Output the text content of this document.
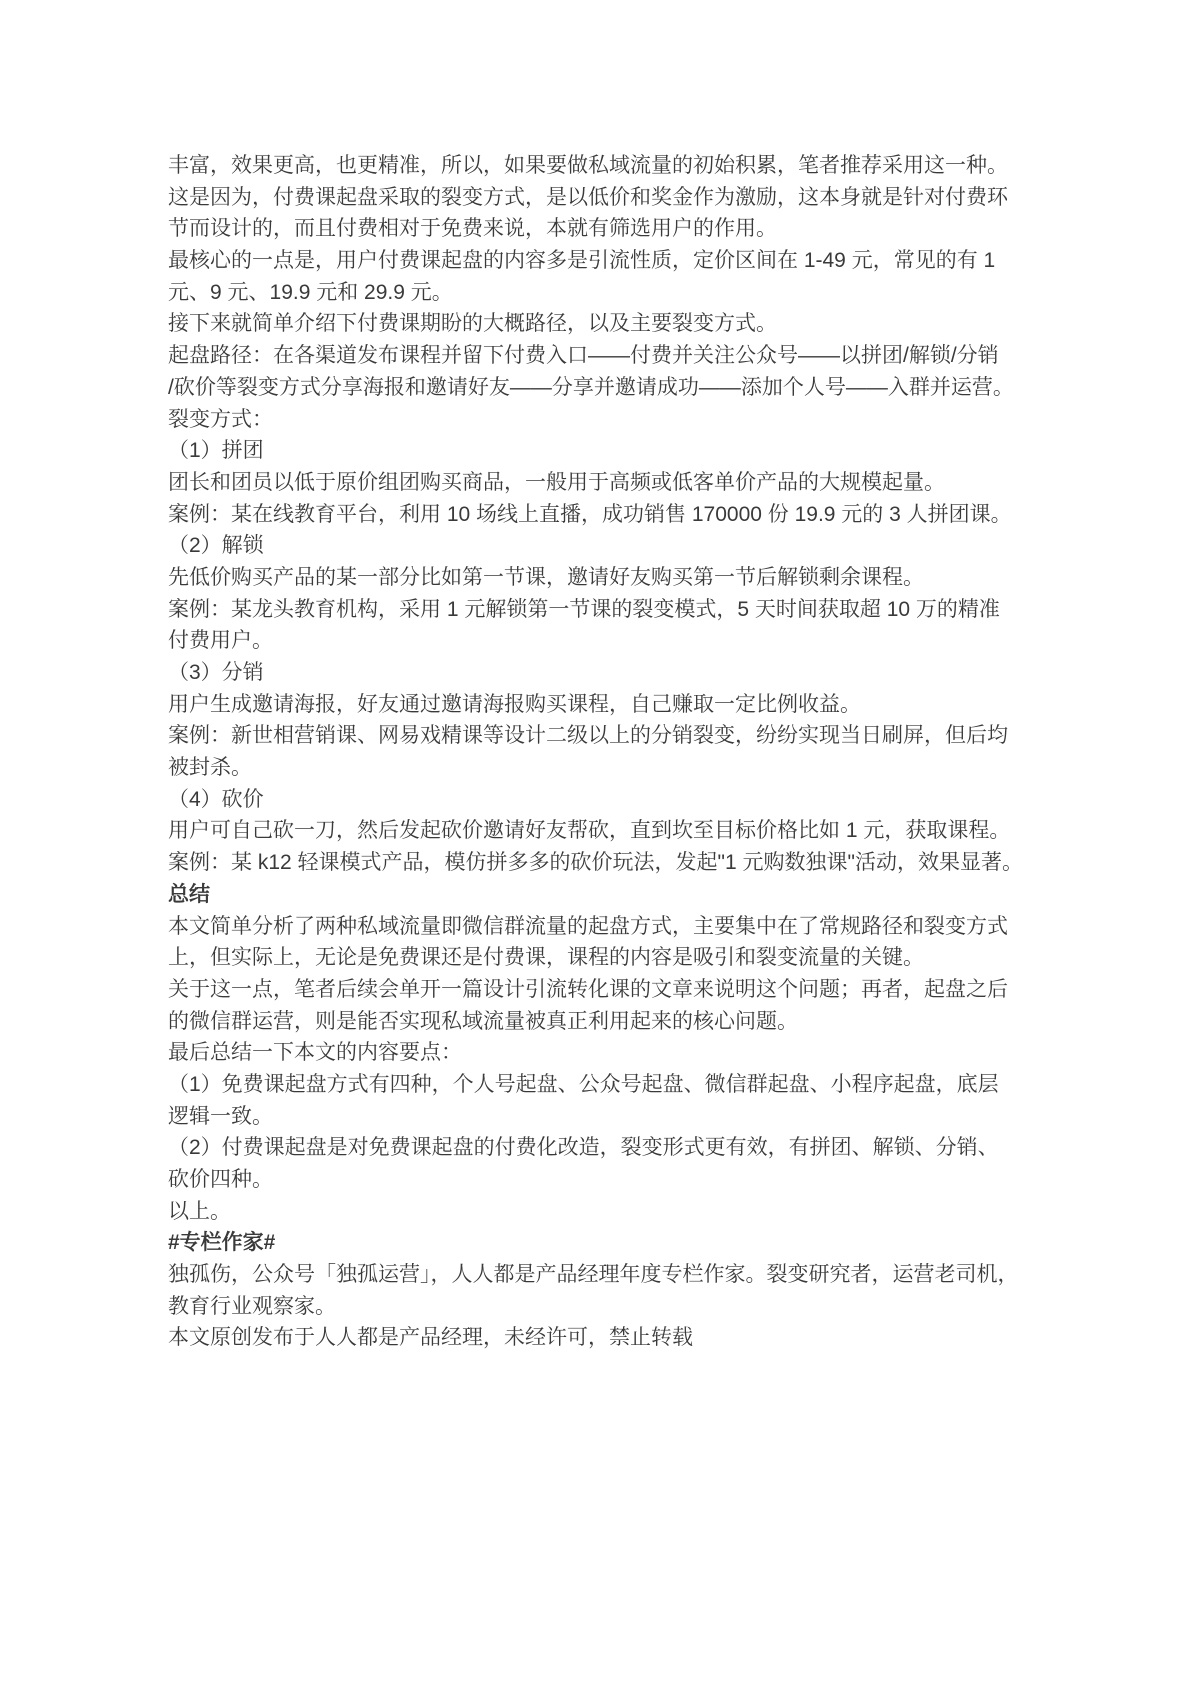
丰富，效果更高，也更精准，所以，如果要做私域流量的初始积累，笔者推荐采用这一种。
这是因为，付费课起盘采取的裂变方式，是以低价和奖金作为激励，这本身就是针对付费环
节而设计的，而且付费相对于免费来说，本就有筛选用户的作用。
最核心的一点是，用户付费课起盘的内容多是引流性质，定价区间在 1-49 元，常见的有 1
元、9 元、19.9 元和 29.9 元。
接下来就简单介绍下付费课期盼的大概路径，以及主要裂变方式。
起盘路径：在各渠道发布课程并留下付费入口——付费并关注公众号——以拼团/解锁/分销
/砍价等裂变方式分享海报和邀请好友——分享并邀请成功——添加个人号——入群并运营。
裂变方式：
（1）拼团
团长和团员以低于原价组团购买商品，一般用于高频或低客单价产品的大规模起量。
案例：某在线教育平台，利用 10 场线上直播，成功销售 170000 份 19.9 元的 3 人拼团课。
（2）解锁
先低价购买产品的某一部分比如第一节课，邀请好友购买第一节后解锁剩余课程。
案例：某龙头教育机构，采用 1 元解锁第一节课的裂变模式，5 天时间获取超 10 万的精准
付费用户。
（3）分销
用户生成邀请海报，好友通过邀请海报购买课程，自己赚取一定比例收益。
案例：新世相营销课、网易戏精课等设计二级以上的分销裂变，纷纷实现当日刷屏，但后均
被封杀。
（4）砍价
用户可自己砍一刀，然后发起砍价邀请好友帮砍，直到坎至目标价格比如 1 元，获取课程。
案例：某 k12 轻课模式产品，模仿拼多多的砍价玩法，发起"1 元购数独课"活动，效果显著。
总结
本文简单分析了两种私域流量即微信群流量的起盘方式，主要集中在了常规路径和裂变方式
上，但实际上，无论是免费课还是付费课，课程的内容是吸引和裂变流量的关键。
关于这一点，笔者后续会单开一篇设计引流转化课的文章来说明这个问题；再者，起盘之后
的微信群运营，则是能否实现私域流量被真正利用起来的核心问题。
最后总结一下本文的内容要点：
（1）免费课起盘方式有四种，个人号起盘、公众号起盘、微信群起盘、小程序起盘，底层
逻辑一致。
（2）付费课起盘是对免费课起盘的付费化改造，裂变形式更有效，有拼团、解锁、分销、
砍价四种。
以上。
#专栏作家#
独孤伤，公众号「独孤运营」，人人都是产品经理年度专栏作家。裂变研究者，运营老司机，
教育行业观察家。
本文原创发布于人人都是产品经理，未经许可，禁止转载
